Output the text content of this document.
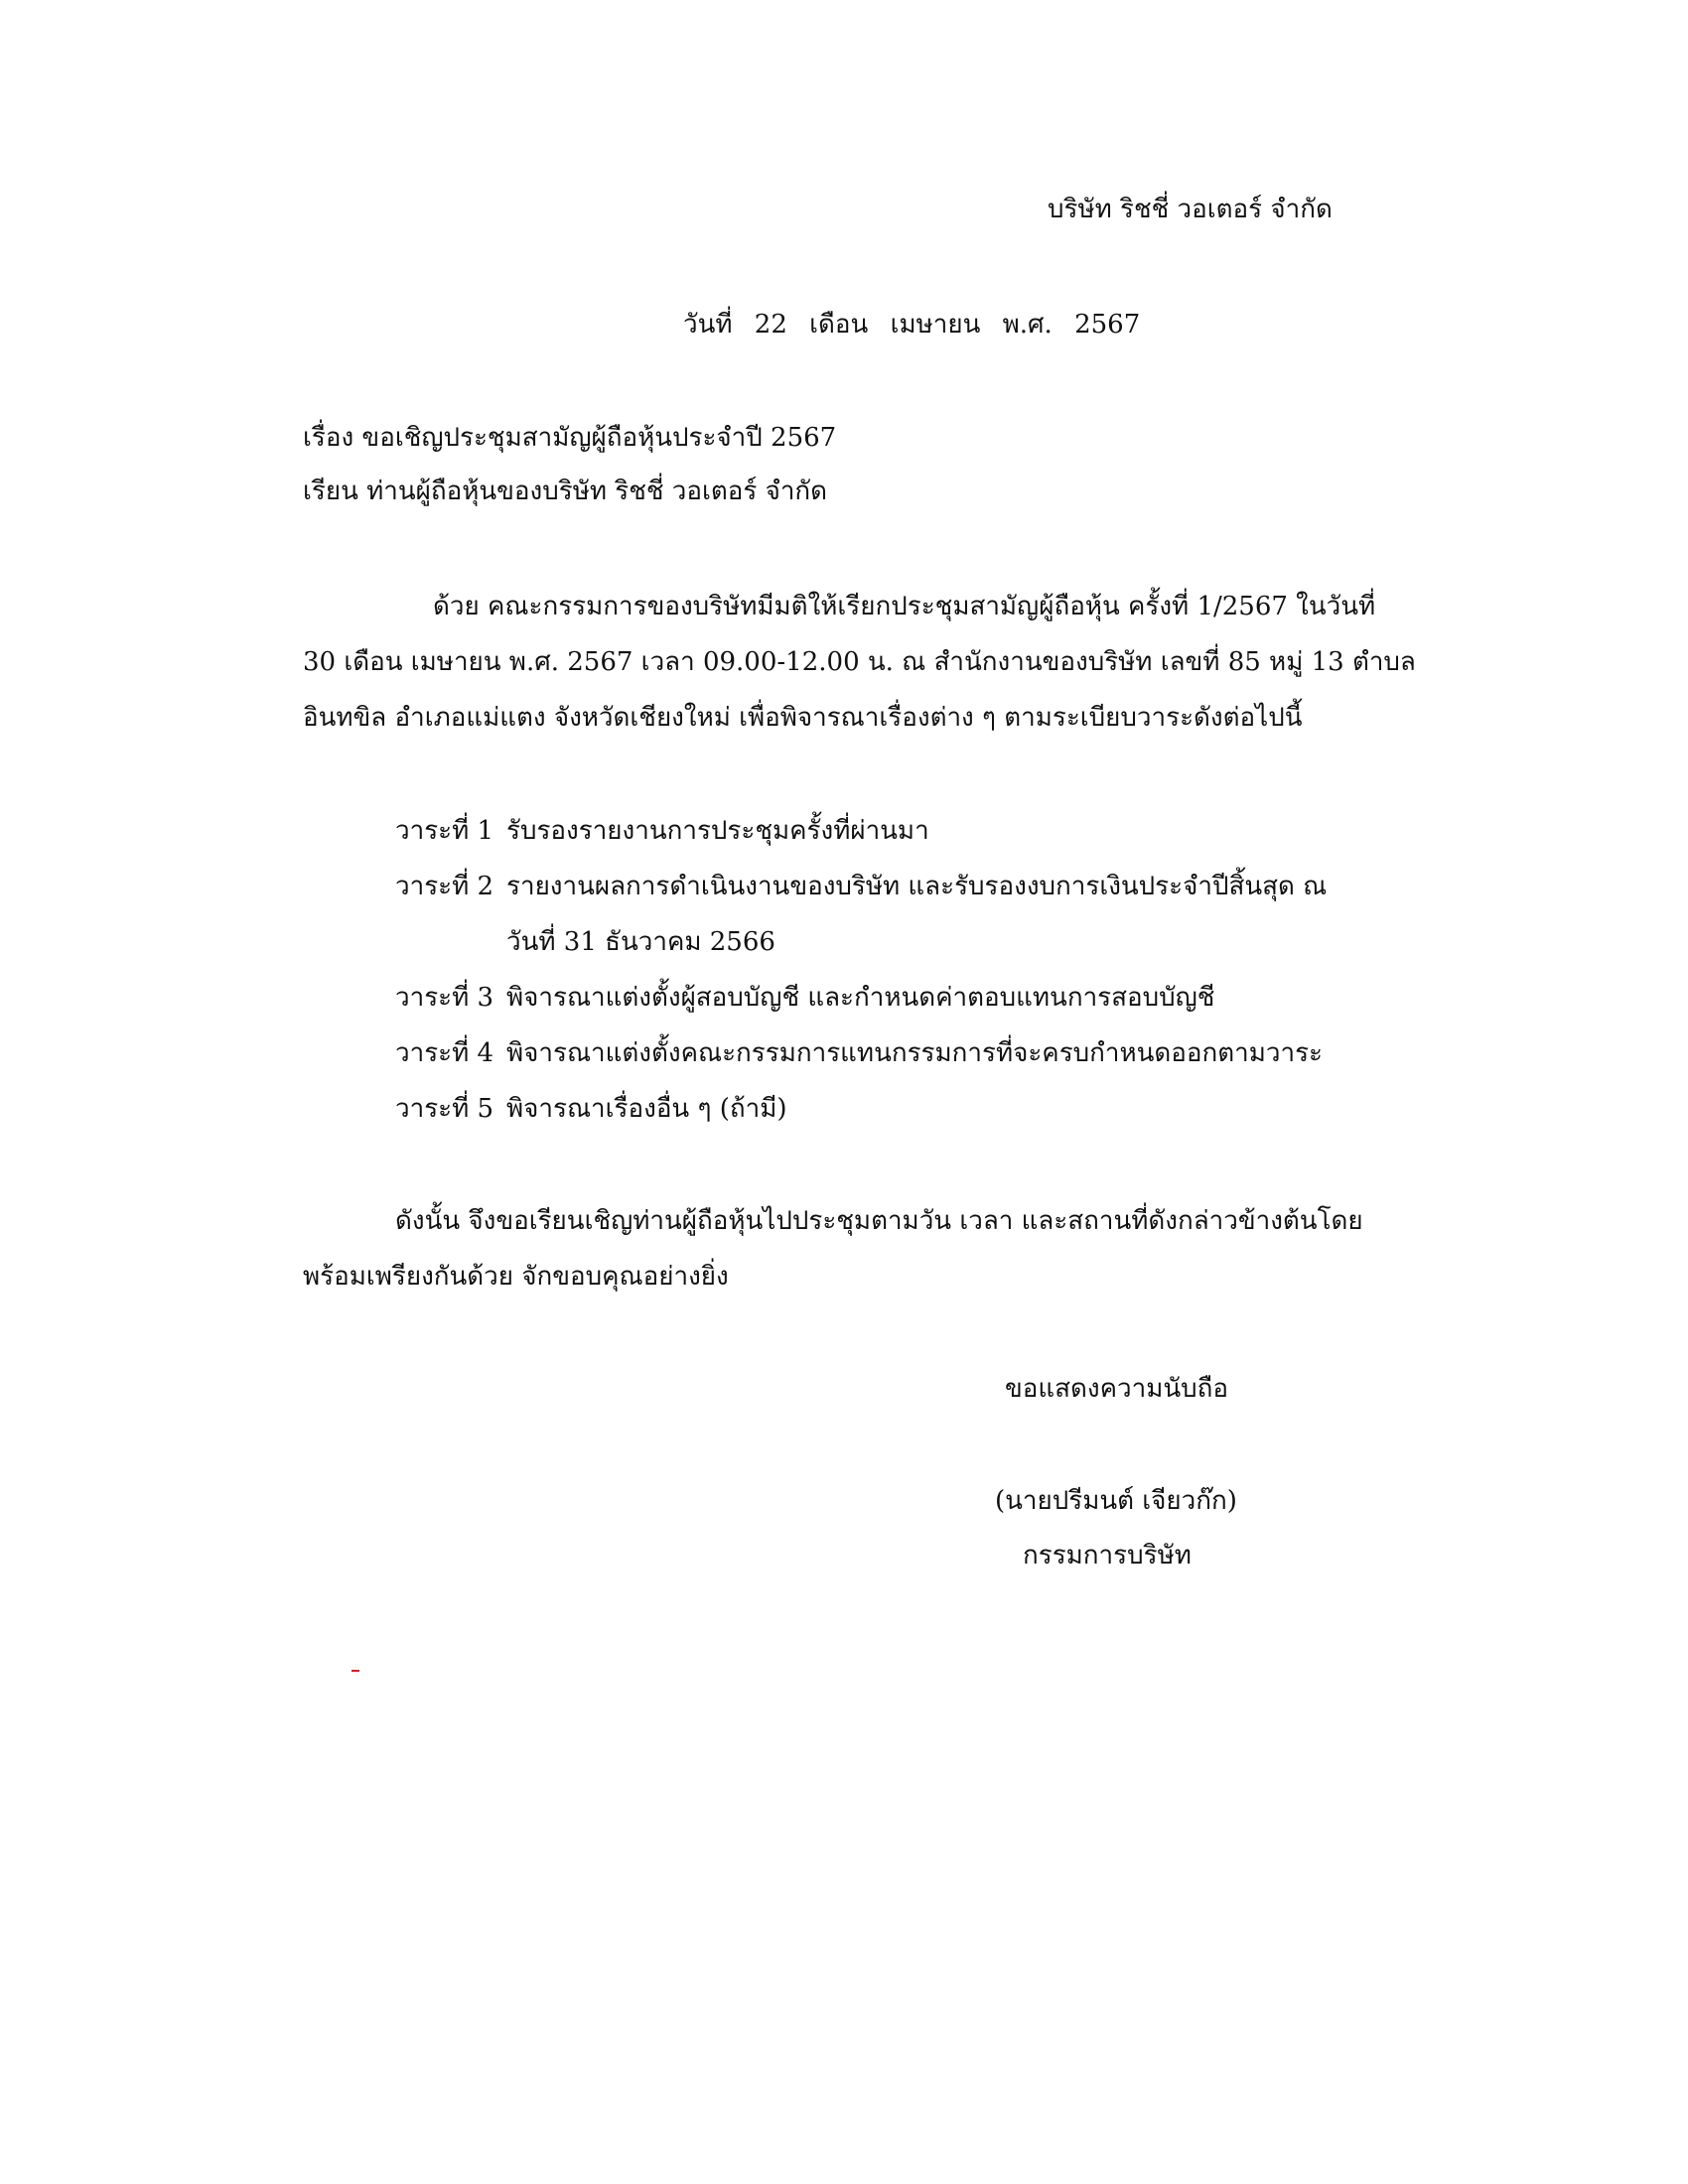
บริษัท ริชชี่ วอเตอร์ จำกัด
วันที่ 22 เดือน เมษายน พ.ศ. 2567
เรื่อง ขอเชิญประชุมสามัญผู้ถือหุ้นประจำปี 2567
เรียน ท่านผู้ถือหุ้นของบริษัท ริชชี่ วอเตอร์ จำกัด
ด้วย คณะกรรมการของบริษัทมีมติให้เรียกประชุมสามัญผู้ถือหุ้น ครั้งที่ 1/2567 ในวันที่
30 เดือน เมษายน พ.ศ. 2567 เวลา 09.00-12.00 น. ณ สำนักงานของบริษัท เลขที่ 85 หมู่ 13 ตำบล
อินทขิล อำเภอแม่แตง จังหวัดเชียงใหม่ เพื่อพิจารณาเรื่องต่าง ๆ ตามระเบียบวาระดังต่อไปนี้
วาระที่ 1 รับรองรายงานการประชุมครั้งที่ผ่านมา
วาระที่ 2 รายงานผลการดำเนินงานของบริษัท และรับรองงบการเงินประจำปีสิ้นสุด ณ
วันที่ 31 ธันวาคม 2566
วาระที่ 3 พิจารณาแต่งตั้งผู้สอบบัญชี และกำหนดค่าตอบแทนการสอบบัญชี
วาระที่ 4 พิจารณาแต่งตั้งคณะกรรมการแทนกรรมการที่จะครบกำหนดออกตามวาระ
วาระที่ 5 พิจารณาเรื่องอื่น ๆ (ถ้ามี)
ดังนั้น จึงขอเรียนเชิญท่านผู้ถือหุ้นไปประชุมตามวัน เวลา และสถานที่ดังกล่าวข้างต้นโดย
พร้อมเพรียงกันด้วย จักขอบคุณอย่างยิ่ง
ขอแสดงความนับถือ
(นายปรีมนต์ เจียวก๊ก)
กรรมการบริษัท
